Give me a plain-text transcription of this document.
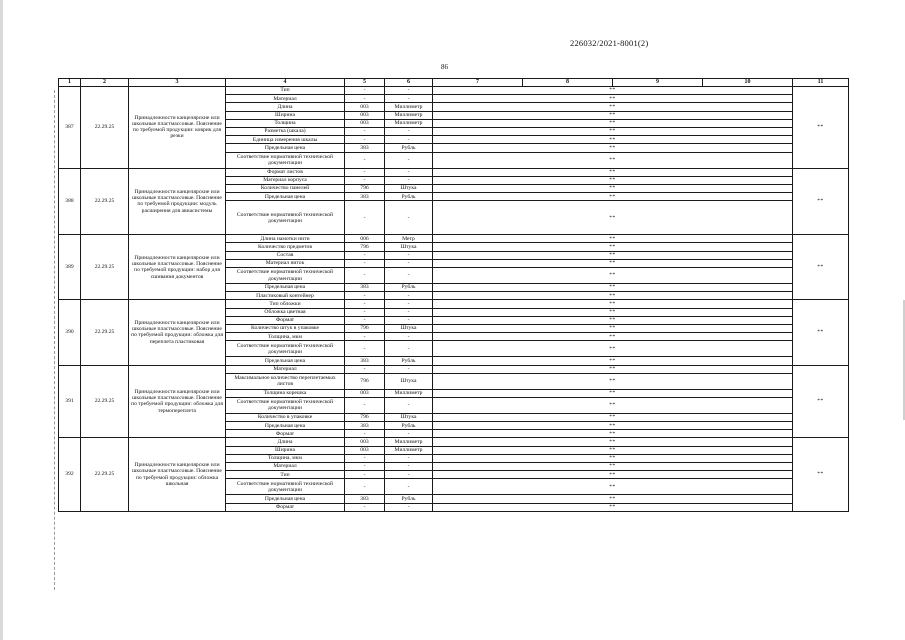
226032/2021-8001(2)
86
1	2	3	4	5	6	7	8	9	10	11
387	22.29.25	Принадлежности канцелярские или школьные пластмассовые. Пояснение по требуемой продукции: коврик для резки	Тип	-	-	**				**
			Материал	-	-	**				
			Длина	003	Миллиметр	**				
			Ширина	003	Миллиметр	**				
			Толщина	003	Миллиметр	**				
			Разметка (шкала)	-	-	**				
			Единица измерения шкалы	-	-	**				
			Предельная цена	383	Рубль	**				
			Соответствие нормативной технической документации	-	-	**				
388	22.29.25	Принадлежности канцелярские или школьные пластмассовые. Пояснение по требуемой продукции: модуль расширения для авиасистемы	Формат листов	-	-	**				**
			Материал корпуса	-	-	**				
			Количество панелей	796	Штука	**				
			Предельная цена	383	Рубль	**				
			Соответствие нормативной технической документации	-	-	**				
389	22.29.25	Принадлежности канцелярские или школьные пластмассовые. Пояснение по требуемой продукции: набор для сшивания документов	Длина намотки нити	006	Метр	**				**
			Количество предметов	796	Штука	**				
			Состав	-	-	**				
			Материал ниток	-	-	**				
			Соответствие нормативной технической документации	-	-	**				
			Предельная цена	383	Рубль	**				
			Пластиковый контейнер	-	-	**				
390	22.29.25	Принадлежности канцелярские или школьные пластмассовые. Пояснение по требуемой продукции: обложка для переплета пластиковая	Тип обложки	-	-	**				**
			Обложка цветная	-	-	**				
			Формат	-	-	**				
			Количество штук в упаковке	796	Штука	**				
			Толщина, мкм	-	-	**				
			Соответствие нормативной технической документации	-	-	**				
			Предельная цена	383	Рубль	**				
391	22.29.25	Принадлежности канцелярские или школьные пластмассовые. Пояснение по требуемой продукции: обложка для термопереплета	Материал	-	-	**				**
			Максимальное количество переплетаемых листов	796	Штука	**				
			Толщина корешка	003	Миллиметр	**				
			Соответствие нормативной технической документации	-	-	**				
			Количество в упаковке	796	Штука	**				
			Предельная цена	383	Рубль	**				
			Формат	-	-	**				
392	22.29.25	Принадлежности канцелярские или школьные пластмассовые. Пояснение по требуемой продукции: обложка школьная	Длина	003	Миллиметр	**				**
			Ширина	003	Миллиметр	**				
			Толщина, мкм	-	-	**				
			Материал	-	-	**				
			Тип	-	-	**				
			Соответствие нормативной технической документации	-	-	**				
			Предельная цена	383	Рубль	**				
			Формат	-	-	**				
